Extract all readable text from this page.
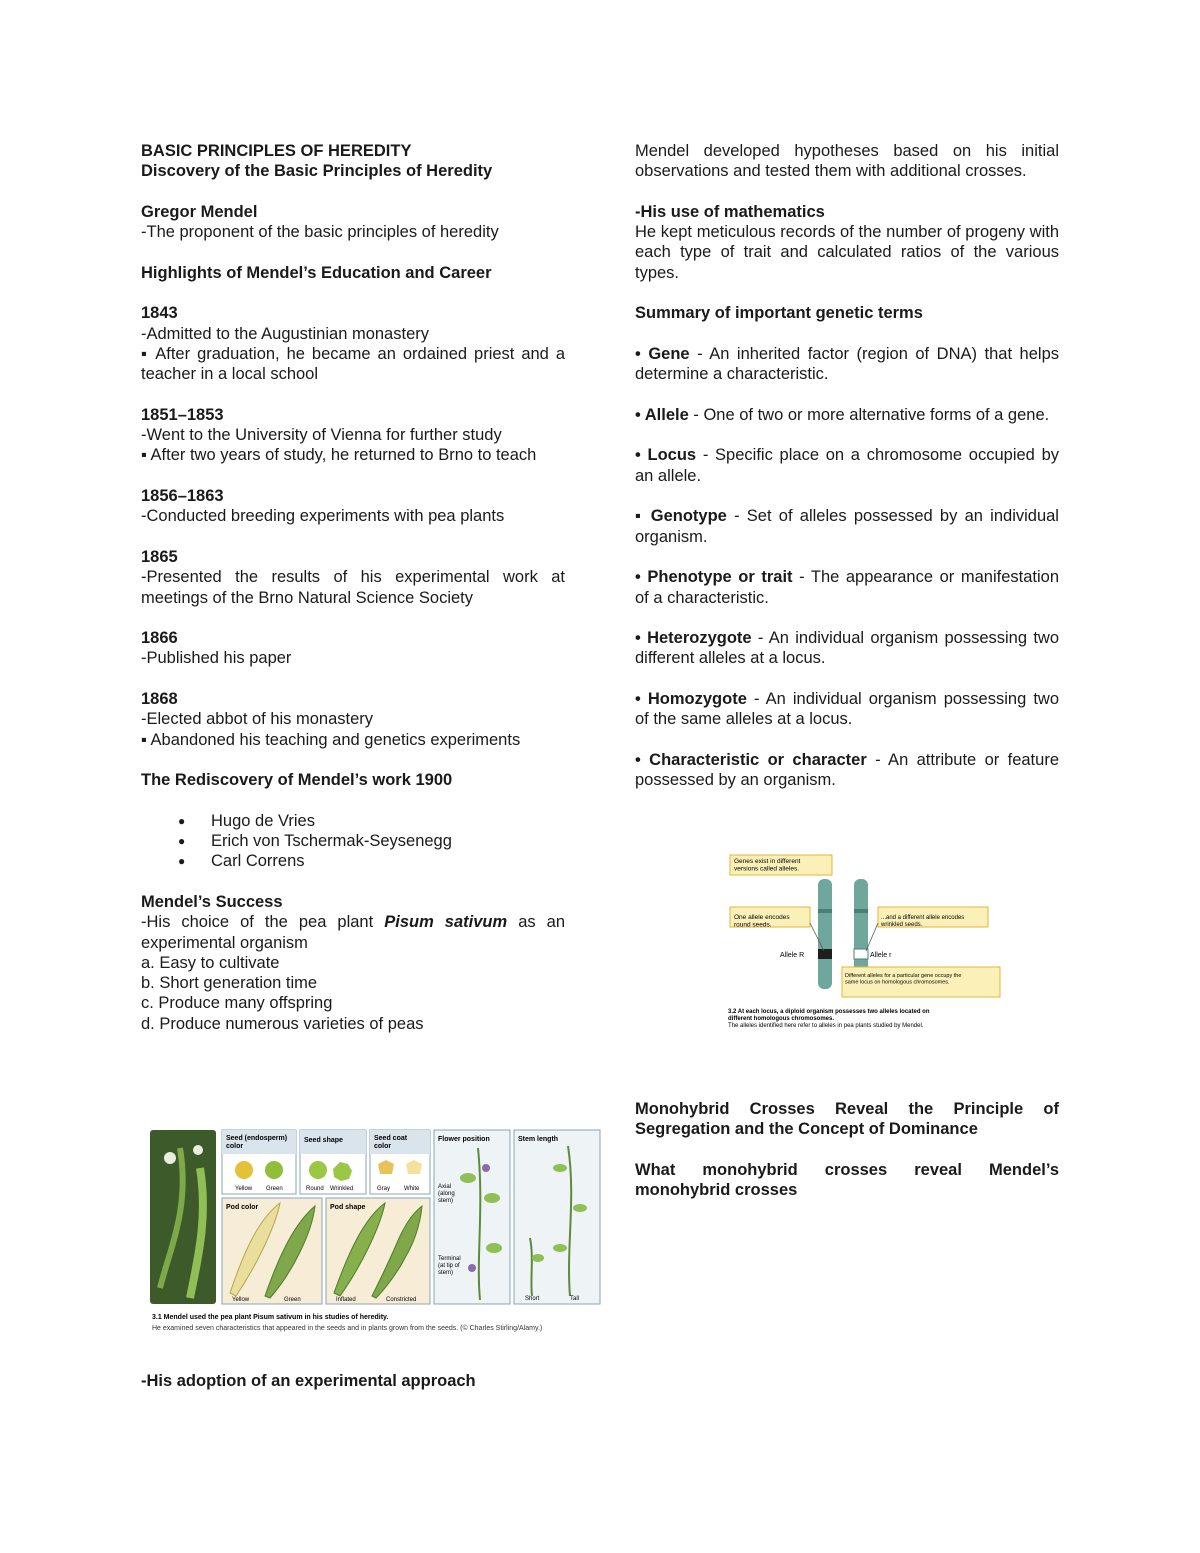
BASIC PRINCIPLES OF HEREDITY

Discovery of the Basic Principles of Heredity

Gregor Mendel

-The proponent of the basic principles of heredity

Highlights of Mendel’s Education and Career

1843

-Admitted to the Augustinian monastery

▪ After graduation, he became an ordained priest and a teacher in a local school

1851–1853

-Went to the University of Vienna for further study

▪ After two years of study, he returned to Brno to teach

1856–1863

-Conducted breeding experiments with pea plants

1865

-Presented the results of his experimental work at meetings of the Brno Natural Science Society

1866

-Published his paper

1868

-Elected abbot of his monastery

▪ Abandoned his teaching and genetics experiments

The Rediscovery of Mendel’s work 1900

● Hugo de Vries
● Erich von Tschermak-Seysenegg
● Carl Correns

Mendel’s Success

-His choice of the pea plant Pisum sativum as an experimental organism

a. Easy to cultivate

b. Short generation time

c. Produce many offspring

d. Produce numerous varieties of peas

Seed (endosperm) color
Yellow Green
Seed shape
Round Wrinkled
Seed coat color
Gray White
Pod color
Yellow	Green
Pod shape
Inflated	Constricted
Flower position
Axial (along stem)
Terminal (at tip of stem)
Stem length
Short	Tall
3.1 Mendel used the pea plant Pisum sativum in his studies of heredity.
He examined seven characteristics that appeared in the seeds and in plants grown from the seeds. (© Charles Stirling/Alamy.)

-His adoption of an experimental approach

Mendel developed hypotheses based on his initial observations and tested them with additional crosses.

-His use of mathematics

He kept meticulous records of the number of progeny with each type of trait and calculated ratios of the various types.

Summary of important genetic terms

• Gene - An inherited factor (region of DNA) that helps determine a characteristic.

• Allele - One of two or more alternative forms of a gene.

• Locus - Specific place on a chromosome occupied by an allele.

▪ Genotype - Set of alleles possessed by an individual organism.

• Phenotype or trait - The appearance or manifestation of a characteristic.

• Heterozygote - An individual organism possessing two different alleles at a locus.

• Homozygote - An individual organism possessing two of the same alleles at a locus.

• Characteristic or character - An attribute or feature possessed by an organism.

Genes exist in different versions called alleles.
One allele encodes round seeds.
...and a different allele encodes wrinkled seeds.
Allele R	Allele r
Different alleles for a particular gene occupy the same locus on homologous chromosomes.
3.2 At each locus, a diploid organism possesses two alleles located on different homologous chromosomes.
The alleles identified here refer to alleles in pea plants studied by Mendel.

Monohybrid Crosses Reveal the Principle of Segregation and the Concept of Dominance

What monohybrid crosses reveal Mendel’s monohybrid crosses
